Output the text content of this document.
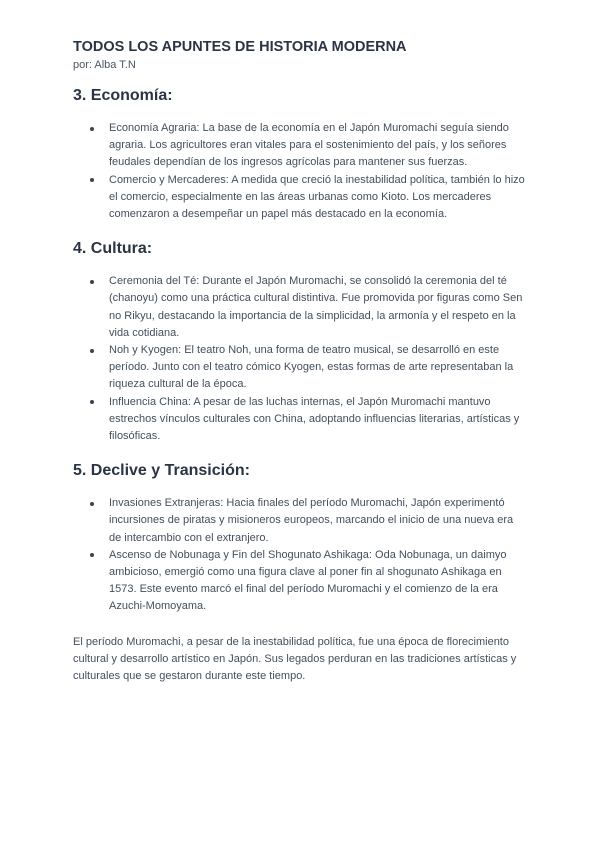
TODOS LOS APUNTES DE HISTORIA MODERNA

por: Alba T.N

3. Economía:
Economía Agraria: La base de la economía en el Japón Muromachi seguía siendo agraria. Los agricultores eran vitales para el sostenimiento del país, y los señores feudales dependían de los ingresos agrícolas para mantener sus fuerzas.
Comercio y Mercaderes: A medida que creció la inestabilidad política, también lo hizo el comercio, especialmente en las áreas urbanas como Kioto. Los mercaderes comenzaron a desempeñar un papel más destacado en la economía.
4. Cultura:
Ceremonia del Té: Durante el Japón Muromachi, se consolidó la ceremonia del té (chanoyu) como una práctica cultural distintiva. Fue promovida por figuras como Sen no Rikyu, destacando la importancia de la simplicidad, la armonía y el respeto en la vida cotidiana.
Noh y Kyogen: El teatro Noh, una forma de teatro musical, se desarrolló en este período. Junto con el teatro cómico Kyogen, estas formas de arte representaban la riqueza cultural de la época.
Influencia China: A pesar de las luchas internas, el Japón Muromachi mantuvo estrechos vínculos culturales con China, adoptando influencias literarias, artísticas y filosóficas.
5. Declive y Transición:
Invasiones Extranjeras: Hacia finales del período Muromachi, Japón experimentó incursiones de piratas y misioneros europeos, marcando el inicio de una nueva era de intercambio con el extranjero.
Ascenso de Nobunaga y Fin del Shogunato Ashikaga: Oda Nobunaga, un daimyo ambicioso, emergió como una figura clave al poner fin al shogunato Ashikaga en 1573. Este evento marcó el final del período Muromachi y el comienzo de la era Azuchi-Momoyama.

El período Muromachi, a pesar de la inestabilidad política, fue una época de florecimiento cultural y desarrollo artístico en Japón. Sus legados perduran en las tradiciones artísticas y culturales que se gestaron durante este tiempo.
